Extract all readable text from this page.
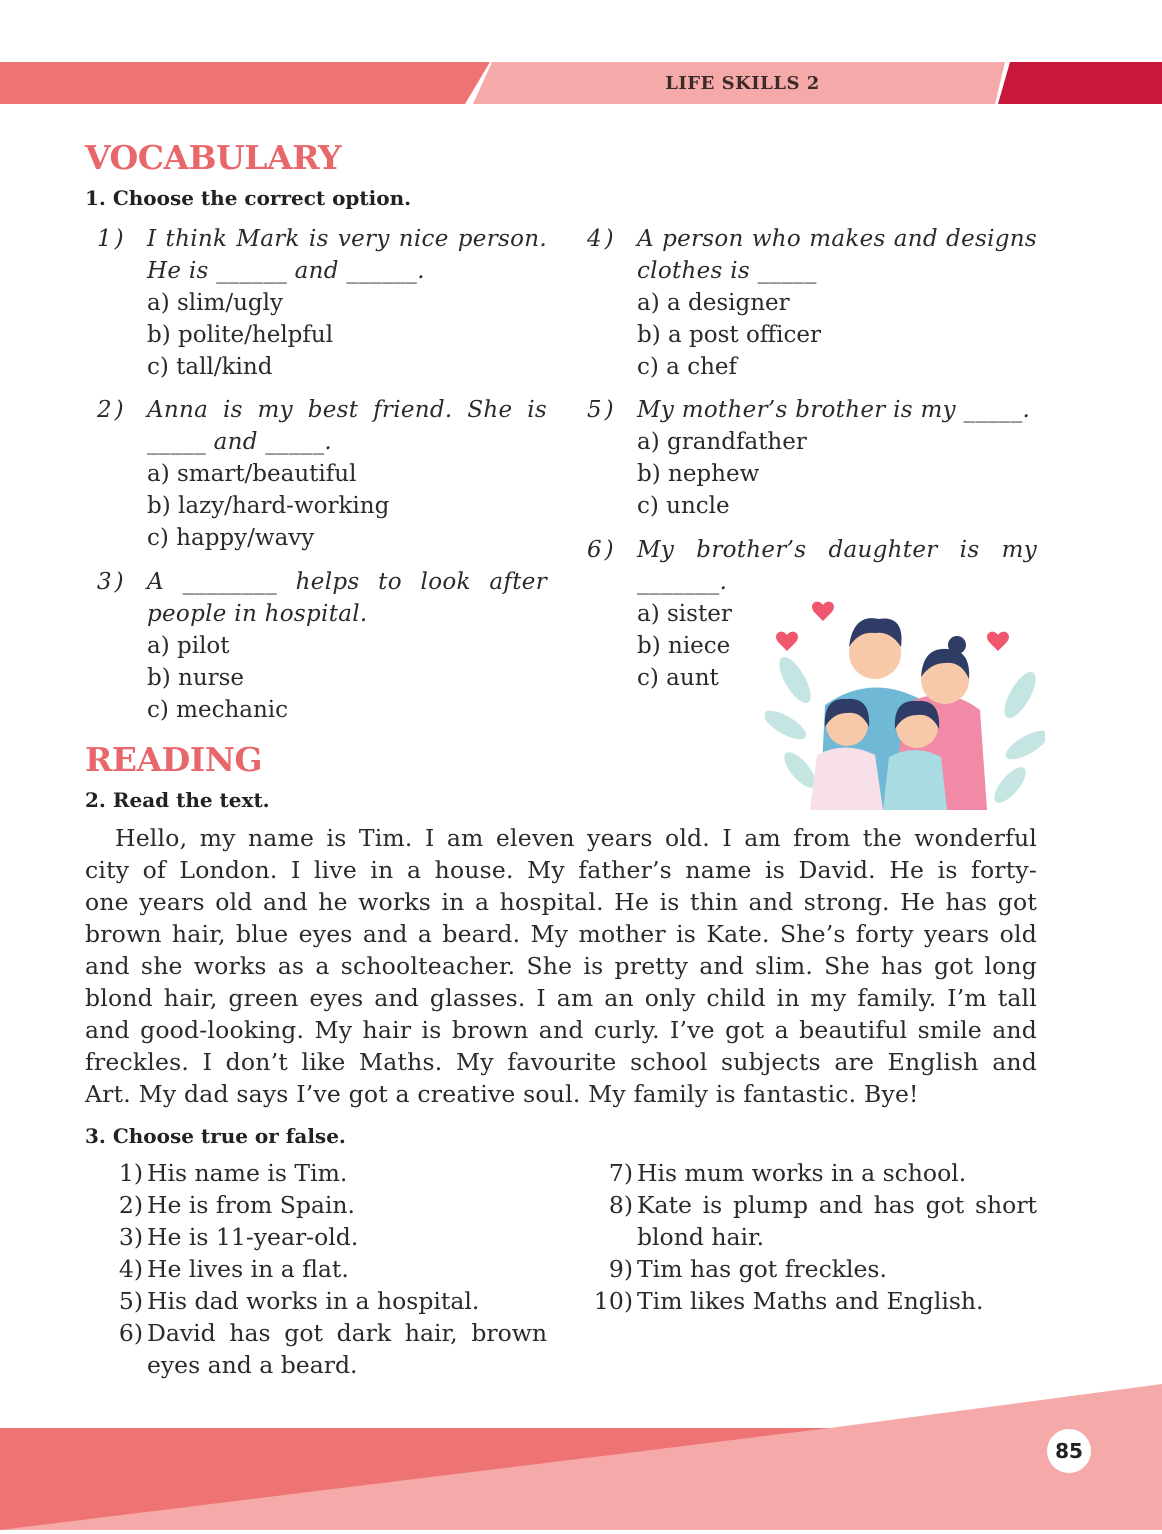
LIFE SKILLS 2
VOCABULARY
1. Choose the correct option.
1) I think Mark is very nice person.
He is ______ and ______.
a) slim/ugly
b) polite/helpful
c) tall/kind
2) Anna is my best friend. She is
_____ and _____.
a) smart/beautiful
b) lazy/hard-working
c) happy/wavy
3) A ________ helps to look after
people in hospital.
a) pilot
b) nurse
c) mechanic
4) A person who makes and designs
clothes is _____
a) a designer
b) a post officer
c) a chef
5) My mother’s brother is my _____.
a) grandfather
b) nephew
c) uncle
6) My brother’s daughter is my
_______.
a) sister
b) niece
c) aunt
READING
2. Read the text.
Hello, my name is Tim. I am eleven years old. I am from the wonderful
city of London. I live in a house. My father’s name is David. He is forty-
one years old and he works in a hospital. He is thin and strong. He has got
brown hair, blue eyes and a beard. My mother is Kate. She’s forty years old
and she works as a schoolteacher. She is pretty and slim. She has got long
blond hair, green eyes and glasses. I am an only child in my family. I’m tall
and good-looking. My hair is brown and curly. I’ve got a beautiful smile and
freckles. I don’t like Maths. My favourite school subjects are English and
Art. My dad says I’ve got a creative soul. My family is fantastic. Bye!
3. Choose true or false.
1) His name is Tim.
2) He is from Spain.
3) He is 11-year-old.
4) He lives in a flat.
5) His dad works in a hospital.
6) David has got dark hair, brown
eyes and a beard.
7) His mum works in a school.
8) Kate is plump and has got short
blond hair.
9) Tim has got freckles.
10) Tim likes Maths and English.
85
